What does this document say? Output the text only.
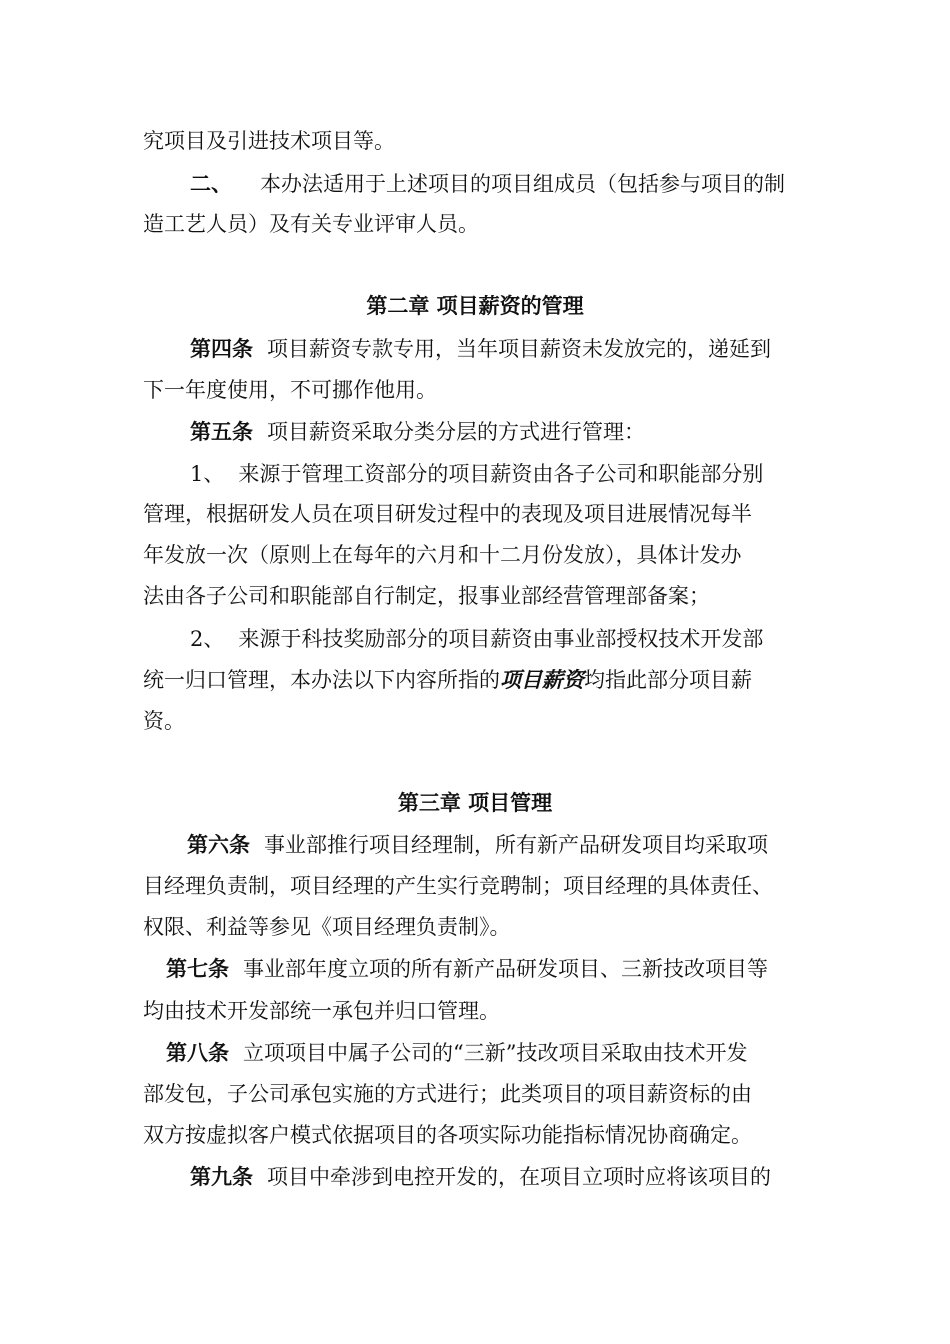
究项目及引进技术项目等。
二、 本办法适用于上述项目的项目组成员（包括参与项目的制
造工艺人员）及有关专业评审人员。
第二章 项目薪资的管理
第四条 项目薪资专款专用，当年项目薪资未发放完的，递延到
下一年度使用，不可挪作他用。
第五条 项目薪资采取分类分层的方式进行管理：
1、 来源于管理工资部分的项目薪资由各子公司和职能部分别
管理，根据研发人员在项目研发过程中的表现及项目进展情况每半
年发放一次（原则上在每年的六月和十二月份发放），具体计发办
法由各子公司和职能部自行制定，报事业部经营管理部备案；
2、 来源于科技奖励部分的项目薪资由事业部授权技术开发部
统一归口管理，本办法以下内容所指的项目薪资均指此部分项目薪
资。
第三章 项目管理
第六条 事业部推行项目经理制，所有新产品研发项目均采取项
目经理负责制，项目经理的产生实行竞聘制；项目经理的具体责任、
权限、利益等参见《项目经理负责制》。
第七条 事业部年度立项的所有新产品研发项目、三新技改项目等
均由技术开发部统一承包并归口管理。
第八条 立项项目中属子公司的“三新”技改项目采取由技术开发
部发包，子公司承包实施的方式进行；此类项目的项目薪资标的由
双方按虚拟客户模式依据项目的各项实际功能指标情况协商确定。
第九条 项目中牵涉到电控开发的，在项目立项时应将该项目的
